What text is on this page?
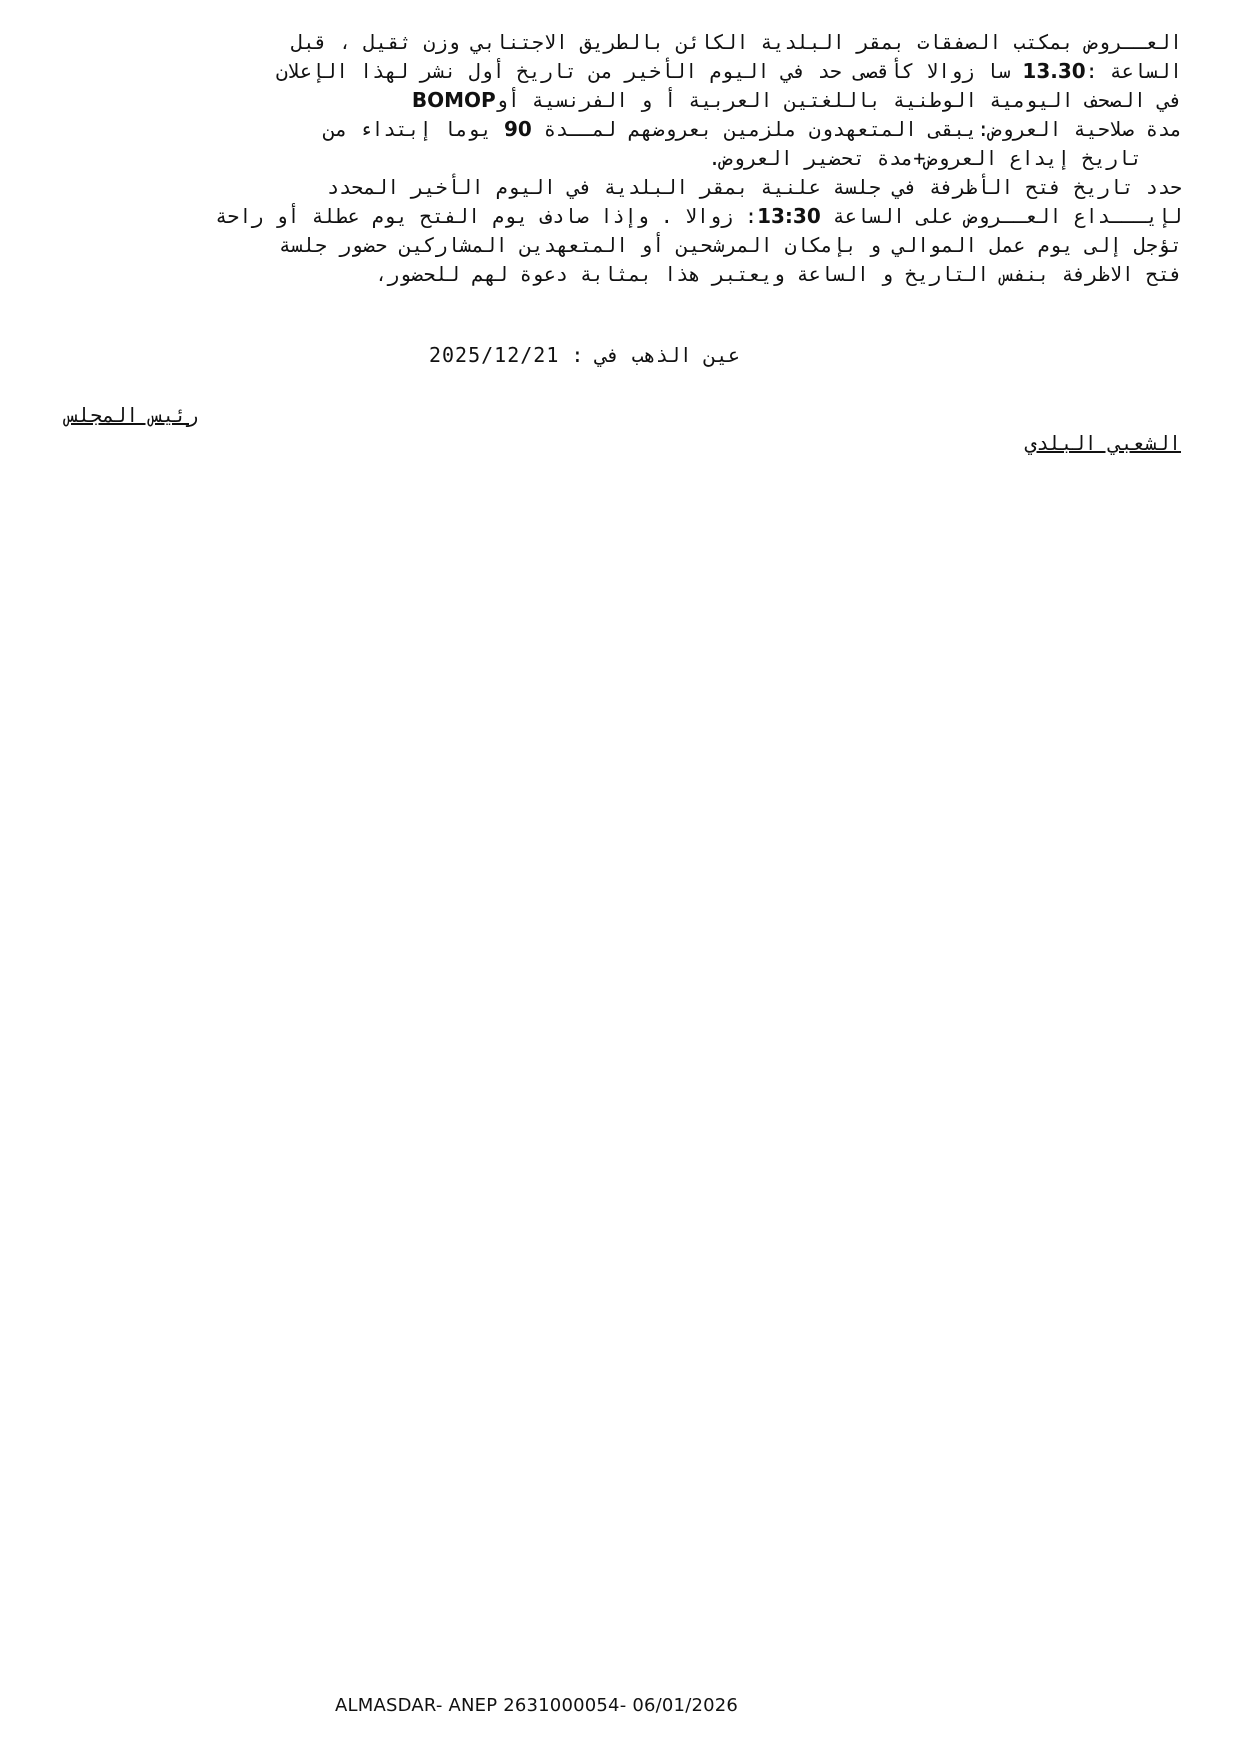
العــروض بمكتب الصفقات بمقر البلدية الكائن بالطريق الاجتنابي وزن ثقيل ، قبل
الساعة :13.30 سا زوالا كأقصى حد في اليوم الأخير من تاريخ أول نشر لهذا الإعلان
في الصحف اليومية الوطنية باللغتين العربية أ و الفرنسية أوBOMOP
مدة صلاحية العروض:يبقى المتعهدون ملزمين بعروضهم لمــدة 90 يوما إبتداء من
تاريخ إيداع العروض+مدة تحضير العروض.
حدد تاريخ فتح الأظرفة في جلسة علنية بمقر البلدية في اليوم الأخير المحدد
لإيـــداع العــروض على الساعة 13:30: زوالا . وإذا صادف يوم الفتح يوم عطلة أو راحة
تؤجل إلى يوم عمل الموالي و بإمكان المرشحين أو المتعهدين المشاركين حضور جلسة
فتح الاظرفة بنفس التاريخ و الساعة ويعتبر هذا بمثابة دعوة لهم للحضور،
عين الذهب في : 2025/12/21
رئيس المجلس
الشعبي البلدي
ALMASDAR- ANEP 2631000054- 06/01/2026
